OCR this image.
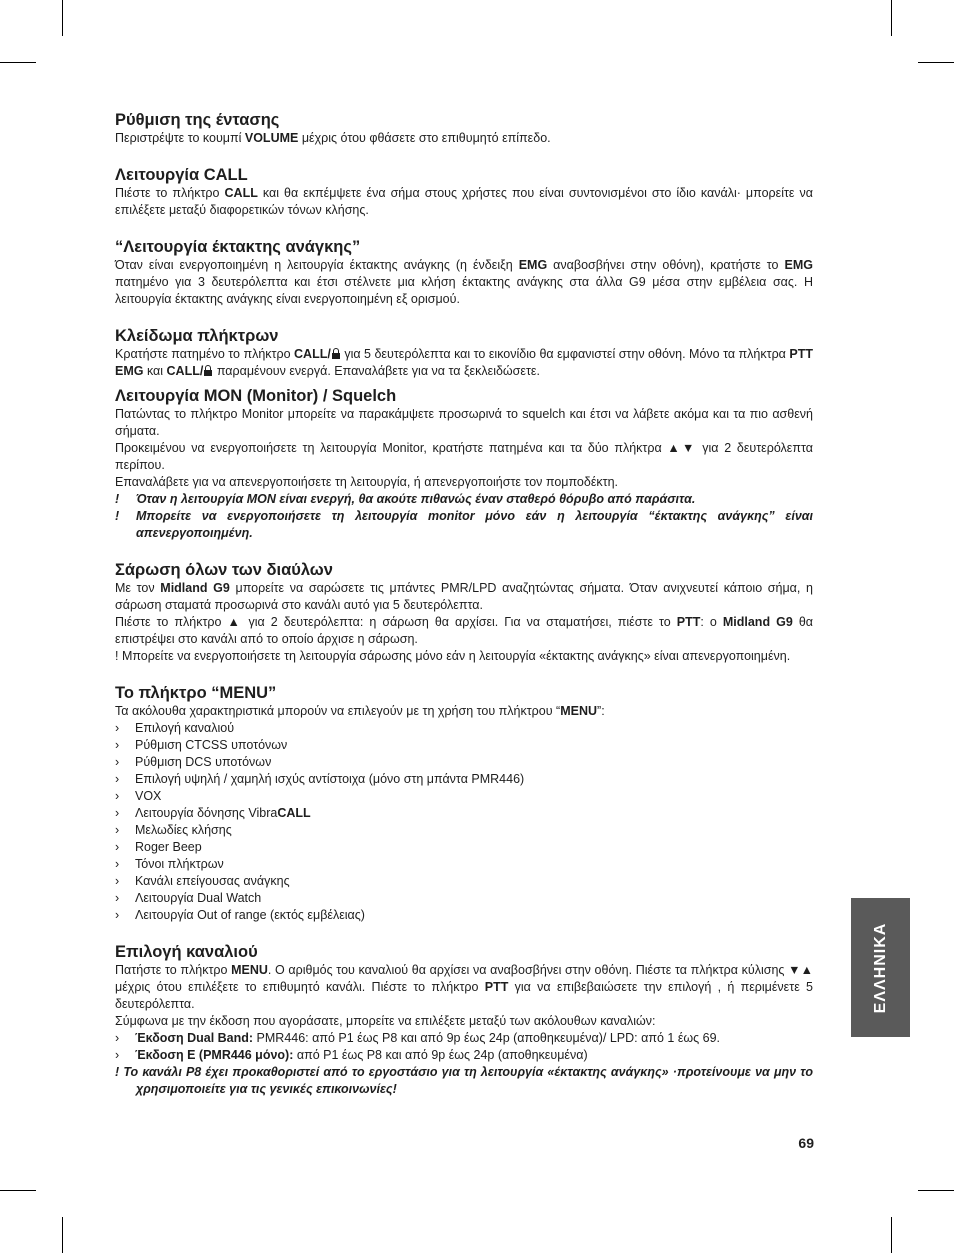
Ρύθμιση της έντασης

Περιστρέψτε το κουμπί VOLUME μέχρις ότου φθάσετε στο επιθυμητό επίπεδο.

Λειτουργία CALL

Πιέστε το πλήκτρο CALL και θα εκπέμψετε ένα σήμα στους χρήστες που είναι συντονισμένοι στο ίδιο κανάλι· μπορείτε να επιλέξετε μεταξύ διαφορετικών τόνων κλήσης.

“Λειτουργία έκτακτης ανάγκης”

Όταν είναι ενεργοποιημένη η λειτουργία έκτακτης ανάγκης (η ένδειξη EMG αναβοσβήνει στην οθόνη), κρατήστε το EMG πατημένο για 3 δευτερόλεπτα και έτσι στέλνετε μια κλήση έκτακτης ανάγκης στα άλλα G9 μέσα στην εμβέλεια σας. Η λειτουργία έκτακτης ανάγκης είναι ενεργοποιημένη εξ ορισμού.

Κλείδωμα πλήκτρων

Κρατήστε πατημένο το πλήκτρο CALL/ για 5 δευτερόλεπτα και το εικονίδιο θα εμφανιστεί στην οθόνη. Μόνο τα πλήκτρα PTT EMG και CALL/ παραμένουν ενεργά. Επαναλάβετε για να τα ξεκλειδώσετε.

Λειτουργία MON (Monitor) / Squelch

Πατώντας το πλήκτρο Monitor μπορείτε να παρακάμψετε προσωρινά το squelch και έτσι να λάβετε ακόμα και τα πιο ασθενή σήματα.

Προκειμένου να ενεργοποιήσετε τη λειτουργία Monitor, κρατήστε πατημένα και τα δύο πλήκτρα ▲▼ για 2 δευτερόλεπτα περίπου.

Επαναλάβετε για να απενεργοποιήσετε τη λειτουργία, ή απενεργοποιήστε τον πομποδέκτη.

! Όταν η λειτουργία MON είναι ενεργή, θα ακούτε πιθανώς έναν σταθερό θόρυβο από παράσιτα.
! Μπορείτε να ενεργοποιήσετε τη λειτουργία monitor μόνο εάν η λειτουργία “έκτακτης ανάγκης” είναι απενεργοποιημένη.
Σάρωση όλων των διαύλων

Με τον Midland G9 μπορείτε να σαρώσετε τις μπάντες PMR/LPD αναζητώντας σήματα. Όταν ανιχνευτεί κάποιο σήμα, η σάρωση σταματά προσωρινά στο κανάλι αυτό για 5 δευτερόλεπτα.

Πιέστε το πλήκτρο ▲ για 2 δευτερόλεπτα: η σάρωση θα αρχίσει. Για να σταματήσει, πιέστε το PTT: ο Midland G9 θα επιστρέψει στο κανάλι από το οποίο άρχισε η σάρωση.

! Μπορείτε να ενεργοποιήσετε τη λειτουργία σάρωσης μόνο εάν η λειτουργία «έκτακτης ανάγκης» είναι απενεργοποιημένη.

Το πλήκτρο “MENU”

Τα ακόλουθα χαρακτηριστικά μπορούν να επιλεγούν με τη χρήση του πλήκτρου “MENU”:

› Επιλογή καναλιού
› Ρύθμιση CTCSS υποτόνων
› Ρύθμιση DCS υποτόνων
› Επιλογή υψηλή / χαμηλή ισχύς αντίστοιχα (μόνο στη μπάντα PMR446)
› VOX
› Λειτουργία δόνησης VibraCALL
› Μελωδίες κλήσης
› Roger Beep
› Τόνοι πλήκτρων
› Κανάλι επείγουσας ανάγκης
› Λειτουργία Dual Watch
› Λειτουργία Out of range (εκτός εμβέλειας)
Επιλογή καναλιού

Πατήστε το πλήκτρο MENU. Ο αριθμός του καναλιού θα αρχίσει να αναβοσβήνει στην οθόνη. Πιέστε τα πλήκτρα κύλισης ▼▲ μέχρις ότου επιλέξετε το επιθυμητό κανάλι. Πιέστε το πλήκτρο PTT για να επιβεβαιώσετε την επιλογή , ή περιμένετε 5 δευτερόλεπτα.

Σύμφωνα με την έκδοση που αγοράσατε, μπορείτε να επιλέξετε μεταξύ των ακόλουθων καναλιών:

› Έκδοση Dual Band: PMR446: από P1 έως P8 και από 9p έως 24p (αποθηκευμένα)/ LPD: από 1 έως 69.
› Έκδοση E (PMR446 μόνο): από P1 έως P8 και από 9p έως 24p (αποθηκευμένα)
! Το κανάλι P8 έχει προκαθοριστεί από το εργοστάσιο για τη λειτουργία «έκτακτης ανάγκης» ·προτείνουμε να μην το χρησιμοποιείτε για τις γενικές επικοινωνίες!
ΕΛΛΗΝΙΚΑ
69
